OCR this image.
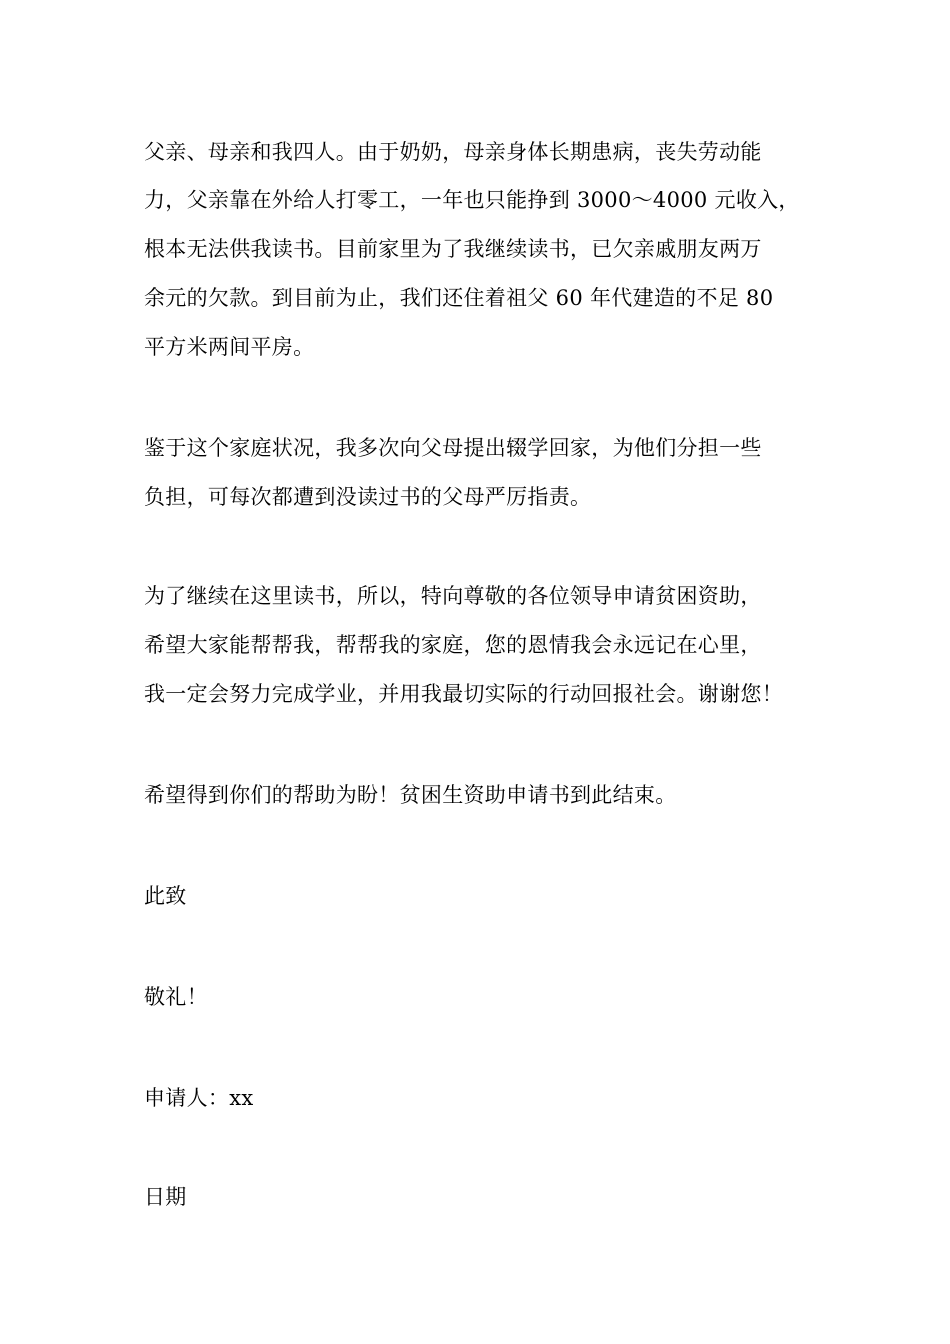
父亲、母亲和我四人。由于奶奶，母亲身体长期患病，丧失劳动能
力，父亲靠在外给人打零工，一年也只能挣到 3000～4000 元收入，
根本无法供我读书。目前家里为了我继续读书，已欠亲戚朋友两万
余元的欠款。到目前为止，我们还住着祖父 60 年代建造的不足 80
平方米两间平房。
鉴于这个家庭状况，我多次向父母提出辍学回家，为他们分担一些
负担，可每次都遭到没读过书的父母严厉指责。
为了继续在这里读书，所以，特向尊敬的各位领导申请贫困资助，
希望大家能帮帮我，帮帮我的家庭，您的恩情我会永远记在心里，
我一定会努力完成学业，并用我最切实际的行动回报社会。谢谢您！
希望得到你们的帮助为盼！贫困生资助申请书到此结束。
此致
敬礼！
申请人：xx
日期
